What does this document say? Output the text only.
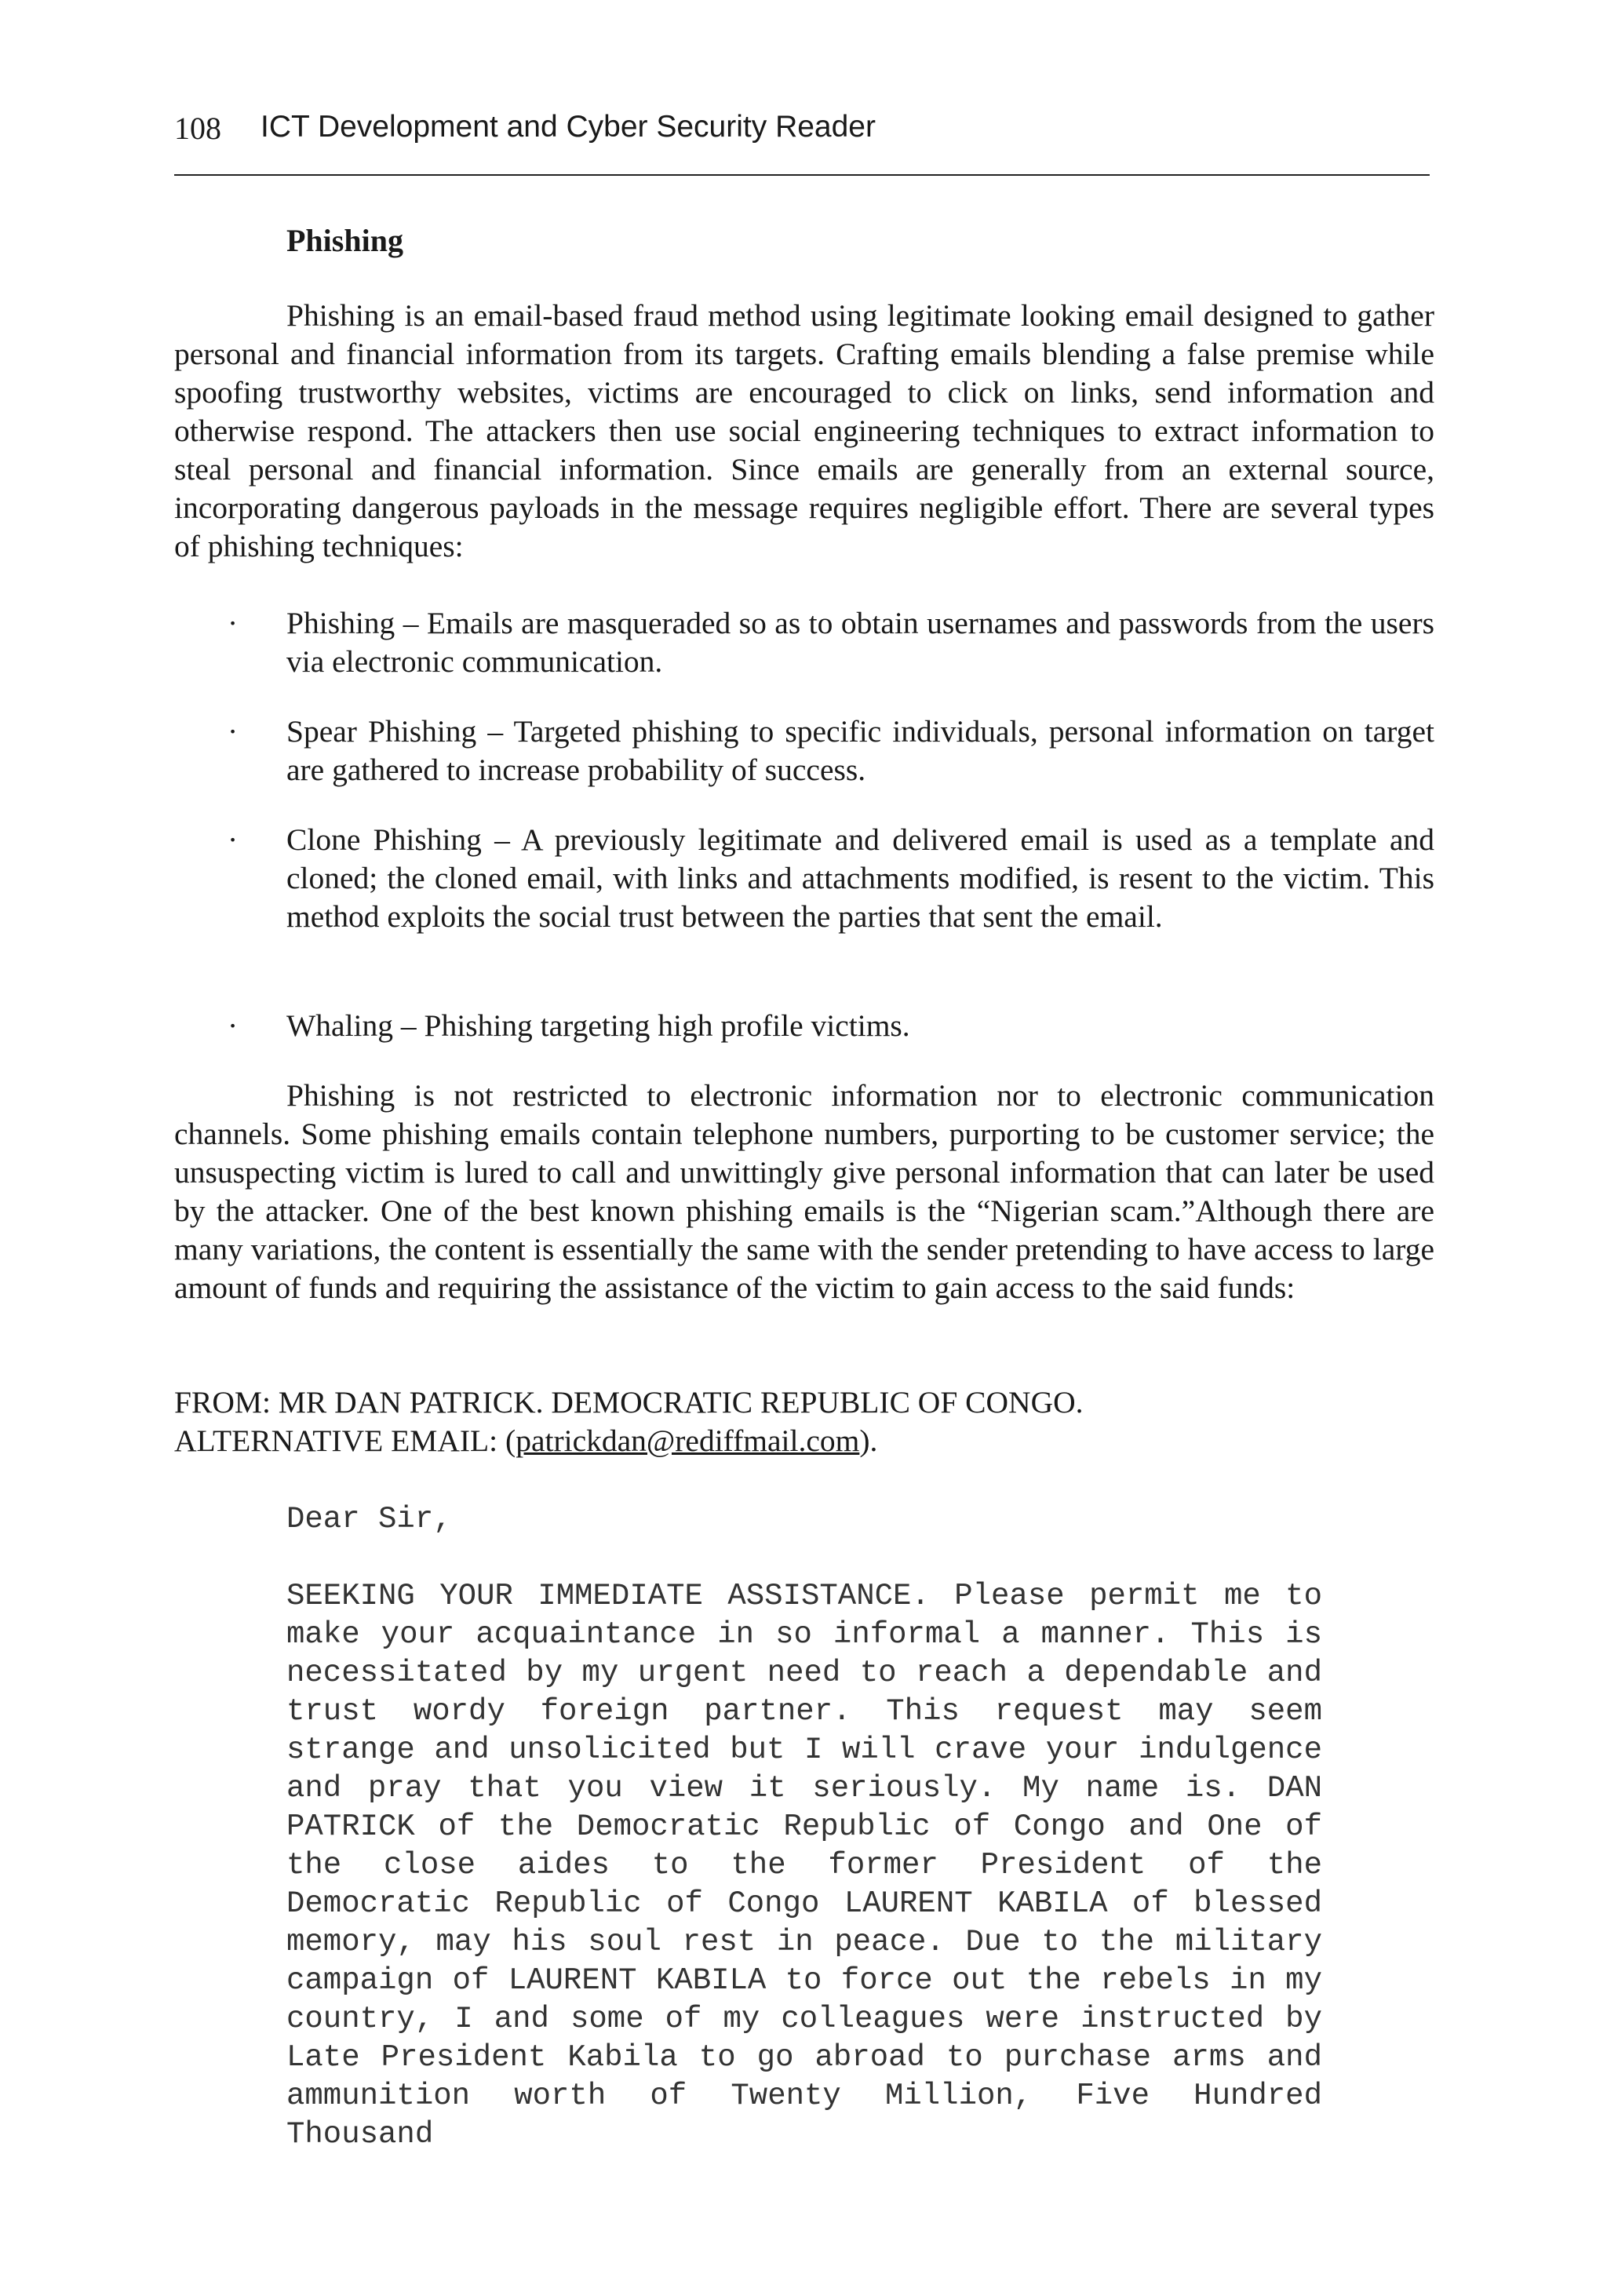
108 ICT Development and Cyber Security Reader
Phishing

Phishing is an email-based fraud method using legitimate looking email designed to gather personal and financial information from its targets. Crafting emails blending a false premise while spoofing trustworthy websites, victims are encouraged to click on links, send information and otherwise respond. The attackers then use social engineering techniques to extract information to steal personal and financial information. Since emails are generally from an external source, incorporating dangerous payloads in the message requires negligible effort. There are several types of phishing techniques:

·	Phishing – Emails are masqueraded so as to obtain usernames and passwords from the users via electronic communication.
·	Spear Phishing – Targeted phishing to specific individuals, personal information on target are gathered to increase probability of success.
·	Clone Phishing – A previously legitimate and delivered email is used as a template and cloned; the cloned email, with links and attachments modified, is resent to the victim. This method exploits the social trust between the parties that sent the email.
·	Whaling – Phishing targeting high profile victims.

Phishing is not restricted to electronic information nor to electronic communication channels. Some phishing emails contain telephone numbers, purporting to be customer service; the unsuspecting victim is lured to call and unwittingly give personal information that can later be used by the attacker. One of the best known phishing emails is the “Nigerian scam.”Although there are many variations, the content is essentially the same with the sender pretending to have access to large amount of funds and requiring the assistance of the victim to gain access to the said funds:

FROM: MR DAN PATRICK. DEMOCRATIC REPUBLIC OF CONGO.
ALTERNATIVE EMAIL: (patrickdan@rediffmail.com).
Dear Sir,

SEEKING YOUR IMMEDIATE ASSISTANCE. Please permit me to make your acquaintance in so informal a manner. This is necessitated by my urgent need to reach a dependable and trust wordy foreign partner. This request may seem strange and unsolicited but I will crave your indulgence and pray that you view it seriously. My name is. DAN PATRICK of the Democratic Republic of Congo and One of the close aides to the former President of the Democratic Republic of Congo LAURENT KABILA of blessed memory, may his soul rest in peace. Due to the military campaign of LAURENT KABILA to force out the rebels in my country, I and some of my colleagues were instructed by Late President Kabila to go abroad to purchase arms and ammunition worth of Twenty Million, Five Hundred Thousand
